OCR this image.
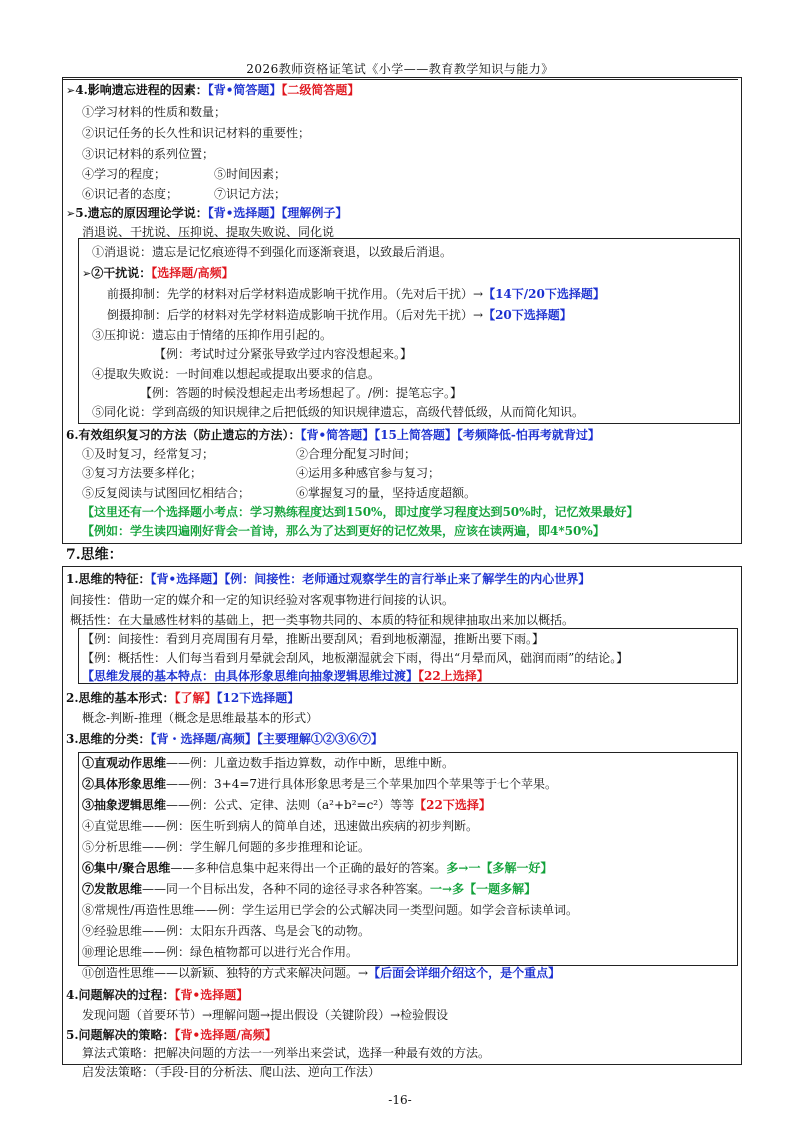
2026教师资格证笔试《小学——教育教学知识与能力》
➢4.影响遗忘进程的因素：【背•简答题】【二级简答题】
①学习材料的性质和数量；
②识记任务的长久性和识记材料的重要性；
③识记材料的系列位置；
④学习的程度；	⑤时间因素；
⑥识记者的态度；	⑦识记方法；
➢5.遗忘的原因理论学说：【背•选择题】【理解例子】
消退说、干扰说、压抑说、提取失败说、同化说
①消退说：遗忘是记忆痕迹得不到强化而逐渐衰退，以致最后消退。
➢②干扰说：【选择题/高频】
前摄抑制：先学的材料对后学材料造成影响干扰作用。（先对后干扰）→【14下/20下选择题】
倒摄抑制：后学的材料对先学材料造成影响干扰作用。（后对先干扰）→【20下选择题】
③压抑说：遗忘由于情绪的压抑作用引起的。
【例：考试时过分紧张导致学过内容没想起来。】
④提取失败说：一时间难以想起或提取出要求的信息。
【例：答题的时候没想起走出考场想起了。/例：提笔忘字。】
⑤同化说：学到高级的知识规律之后把低级的知识规律遗忘，高级代替低级，从而简化知识。
6.有效组织复习的方法（防止遗忘的方法）：【背•简答题】【15上简答题】【考频降低-怕再考就背过】
①及时复习，经常复习；	②合理分配复习时间；
③复习方法要多样化；	④运用多种感官参与复习；
⑤反复阅读与试图回忆相结合；	⑥掌握复习的量，坚持适度超额。
【这里还有一个选择题小考点：学习熟练程度达到150%，即过度学习程度达到50%时，记忆效果最好】
【例如：学生读四遍刚好背会一首诗，那么为了达到更好的记忆效果，应该在读两遍，即4*50%】
7.思维：
1.思维的特征：【背•选择题】【例：间接性：老师通过观察学生的言行举止来了解学生的内心世界】
间接性：借助一定的媒介和一定的知识经验对客观事物进行间接的认识。
概括性：在大量感性材料的基础上，把一类事物共同的、本质的特征和规律抽取出来加以概括。
【例：间接性：看到月亮周围有月晕，推断出要刮风；看到地板潮湿，推断出要下雨。】
【例：概括性：人们每当看到月晕就会刮风，地板潮湿就会下雨，得出“月晕而风，础润而雨”的结论。】
【思维发展的基本特点：由具体形象思维向抽象逻辑思维过渡】【22上选择】
2.思维的基本形式：【了解】【12下选择题】
概念-判断-推理（概念是思维最基本的形式）
3.思维的分类：【背・选择题/高频】【主要理解①②③⑥⑦】
①直观动作思维——例：儿童边数手指边算数，动作中断，思维中断。
②具体形象思维——例：3+4=7进行具体形象思考是三个苹果加四个苹果等于七个苹果。
③抽象逻辑思维——例：公式、定律、法则（a²+b²=c²）等等【22下选择】
④直觉思维——例：医生听到病人的简单自述，迅速做出疾病的初步判断。
⑤分析思维——例：学生解几何题的多步推理和论证。
⑥集中/聚合思维——多种信息集中起来得出一个正确的最好的答案。多→一【多解一好】
⑦发散思维——同一个目标出发，各种不同的途径寻求各种答案。一→多【一题多解】
⑧常规性/再造性思维——例：学生运用已学会的公式解决同一类型问题。如学会音标读单词。
⑨经验思维——例：太阳东升西落、鸟是会飞的动物。
⑩理论思维——例：绿色植物都可以进行光合作用。
⑪创造性思维——以新颖、独特的方式来解决问题。→【后面会详细介绍这个，是个重点】
4.问题解决的过程：【背•选择题】
发现问题（首要环节）→理解问题→提出假设（关键阶段）→检验假设
5.问题解决的策略：【背•选择题/高频】
算法式策略：把解决问题的方法一一列举出来尝试，选择一种最有效的方法。
启发法策略：（手段-目的分析法、爬山法、逆向工作法）
-16-
